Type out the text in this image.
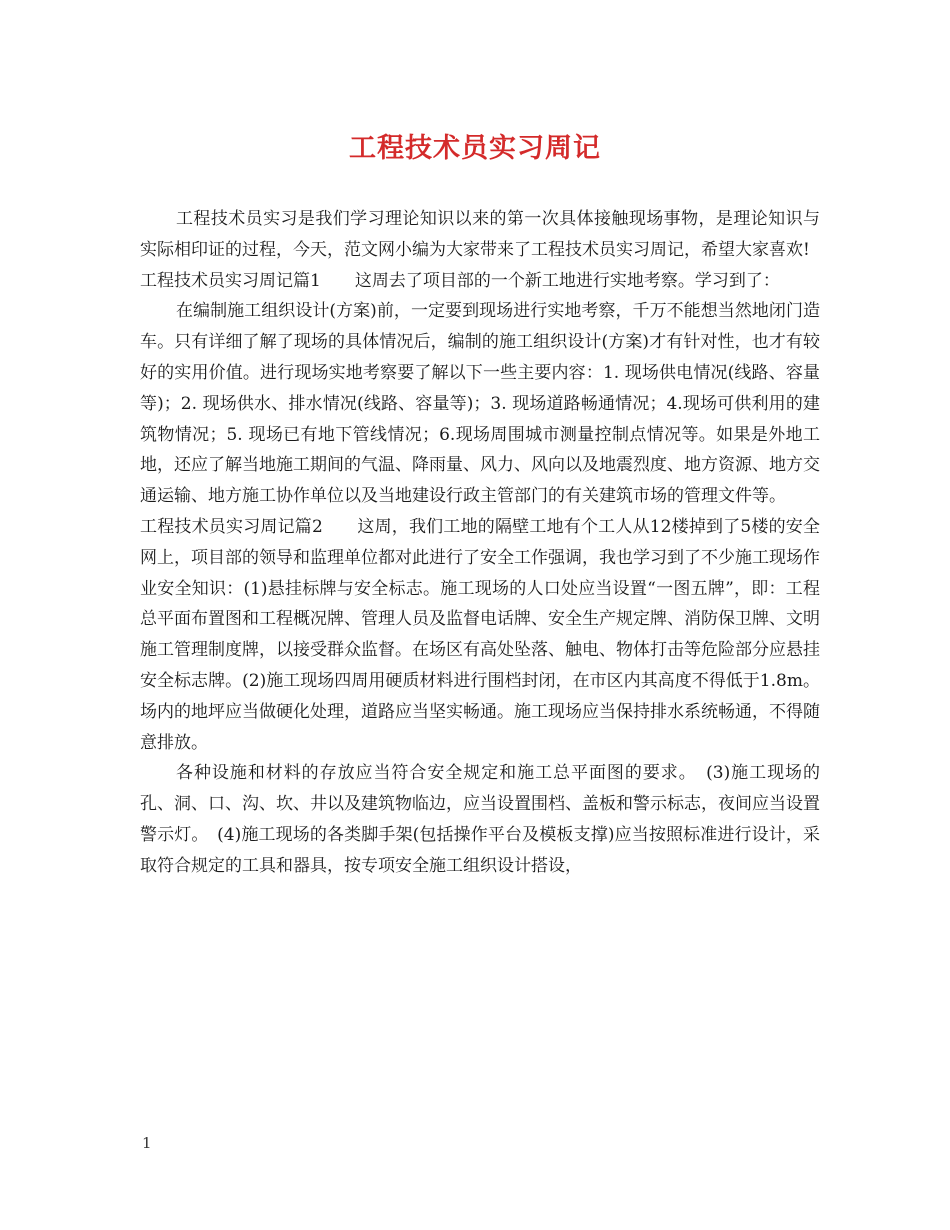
工程技术员实习周记

工程技术员实习是我们学习理论知识以来的第一次具体接触现场事物，是理论知识与实际相印证的过程，今天，范文网小编为大家带来了工程技术员实习周记，希望大家喜欢!

工程技术员实习周记篇1　　这周去了项目部的一个新工地进行实地考察。学习到了：

在编制施工组织设计(方案)前，一定要到现场进行实地考察，千万不能想当然地闭门造车。只有详细了解了现场的具体情况后，编制的施工组织设计(方案)才有针对性，也才有较好的实用价值。进行现场实地考察要了解以下一些主要内容：1. 现场供电情况(线路、容量等)；2. 现场供水、排水情况(线路、容量等)；3. 现场道路畅通情况；4.现场可供利用的建筑物情况；5. 现场已有地下管线情况；6.现场周围城市测量控制点情况等。如果是外地工地，还应了解当地施工期间的气温、降雨量、风力、风向以及地震烈度、地方资源、地方交通运输、地方施工协作单位以及当地建设行政主管部门的有关建筑市场的管理文件等。

工程技术员实习周记篇2　　这周，我们工地的隔壁工地有个工人从12楼掉到了5楼的安全网上，项目部的领导和监理单位都对此进行了安全工作强调，我也学习到了不少施工现场作业安全知识：(1)悬挂标牌与安全标志。施工现场的人口处应当设置“一图五牌”，即：工程总平面布置图和工程概况牌、管理人员及监督电话牌、安全生产规定牌、消防保卫牌、文明施工管理制度牌，以接受群众监督。在场区有高处坠落、触电、物体打击等危险部分应悬挂安全标志牌。(2)施工现场四周用硬质材料进行围档封闭，在市区内其高度不得低于1.8m。场内的地坪应当做硬化处理，道路应当坚实畅通。施工现场应当保持排水系统畅通，不得随意排放。

各种设施和材料的存放应当符合安全规定和施工总平面图的要求。　(3)施工现场的孔、洞、口、沟、坎、井以及建筑物临边，应当设置围档、盖板和警示标志，夜间应当设置警示灯。　(4)施工现场的各类脚手架(包括操作平台及模板支撑)应当按照标准进行设计，采取符合规定的工具和器具，按专项安全施工组织设计搭设，

1
